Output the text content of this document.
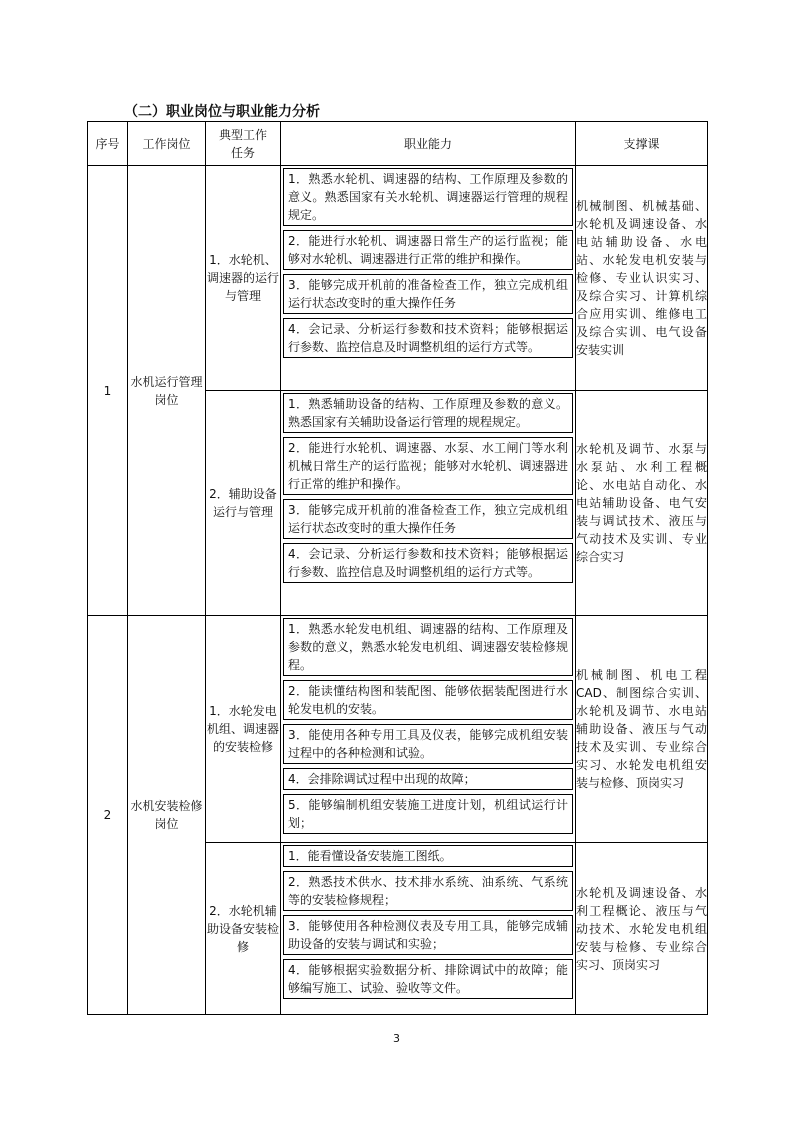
（二）职业岗位与职业能力分析
序号	工作岗位	典型工作任务	职业能力	支撑课
1	水机运行管理岗位	1．水轮机、调速器的运行与管理	1．熟悉水轮机、调速器的结构、工作原理及参数的意义。熟悉国家有关水轮机、调速器运行管理的规程规定。
2．能进行水轮机、调速器日常生产的运行监视；能够对水轮机、调速器进行正常的维护和操作。
3．能够完成开机前的准备检查工作，独立完成机组运行状态改变时的重大操作任务
4．会记录、分析运行参数和技术资料；能够根据运行参数、监控信息及时调整机组的运行方式等。	机械制图、机械基础、水轮机及调速设备、水电站辅助设备、水电站、水轮发电机安装与检修、专业认识实习、及综合实习、计算机综合应用实训、维修电工及综合实训、电气设备安装实训
		2．辅助设备运行与管理	1．熟悉辅助设备的结构、工作原理及参数的意义。熟悉国家有关辅助设备运行管理的规程规定。
2．能进行水轮机、调速器、水泵、水工闸门等水利机械日常生产的运行监视；能够对水轮机、调速器进行正常的维护和操作。
3．能够完成开机前的准备检查工作，独立完成机组运行状态改变时的重大操作任务
4．会记录、分析运行参数和技术资料；能够根据运行参数、监控信息及时调整机组的运行方式等。	水轮机及调节、水泵与水泵站、水利工程概论、水电站自动化、水电站辅助设备、电气安装与调试技术、液压与气动技术及实训、专业综合实习
2	水机安装检修岗位	1．水轮发电机组、调速器的安装检修	1．熟悉水轮发电机组、调速器的结构、工作原理及参数的意义，熟悉水轮发电机组、调速器安装检修规程。
2．能读懂结构图和装配图、能够依据装配图进行水轮发电机的安装。
3．能使用各种专用工具及仪表，能够完成机组安装过程中的各种检测和试验。
4．会排除调试过程中出现的故障；
5．能够编制机组安装施工进度计划，机组试运行计划；	机械制图、机电工程CAD、制图综合实训、水轮机及调节、水电站辅助设备、液压与气动技术及实训、专业综合实习、水轮发电机组安装与检修、顶岗实习
		2．水轮机辅助设备安装检修	1．能看懂设备安装施工图纸。
2．熟悉技术供水、技术排水系统、油系统、气系统等的安装检修规程；
3．能够使用各种检测仪表及专用工具，能够完成辅助设备的安装与调试和实验；
4．能够根据实验数据分析、排除调试中的故障；能够编写施工、试验、验收等文件。	水轮机及调速设备、水利工程概论、液压与气动技术、水轮发电机组安装与检修、专业综合实习、顶岗实习
3
